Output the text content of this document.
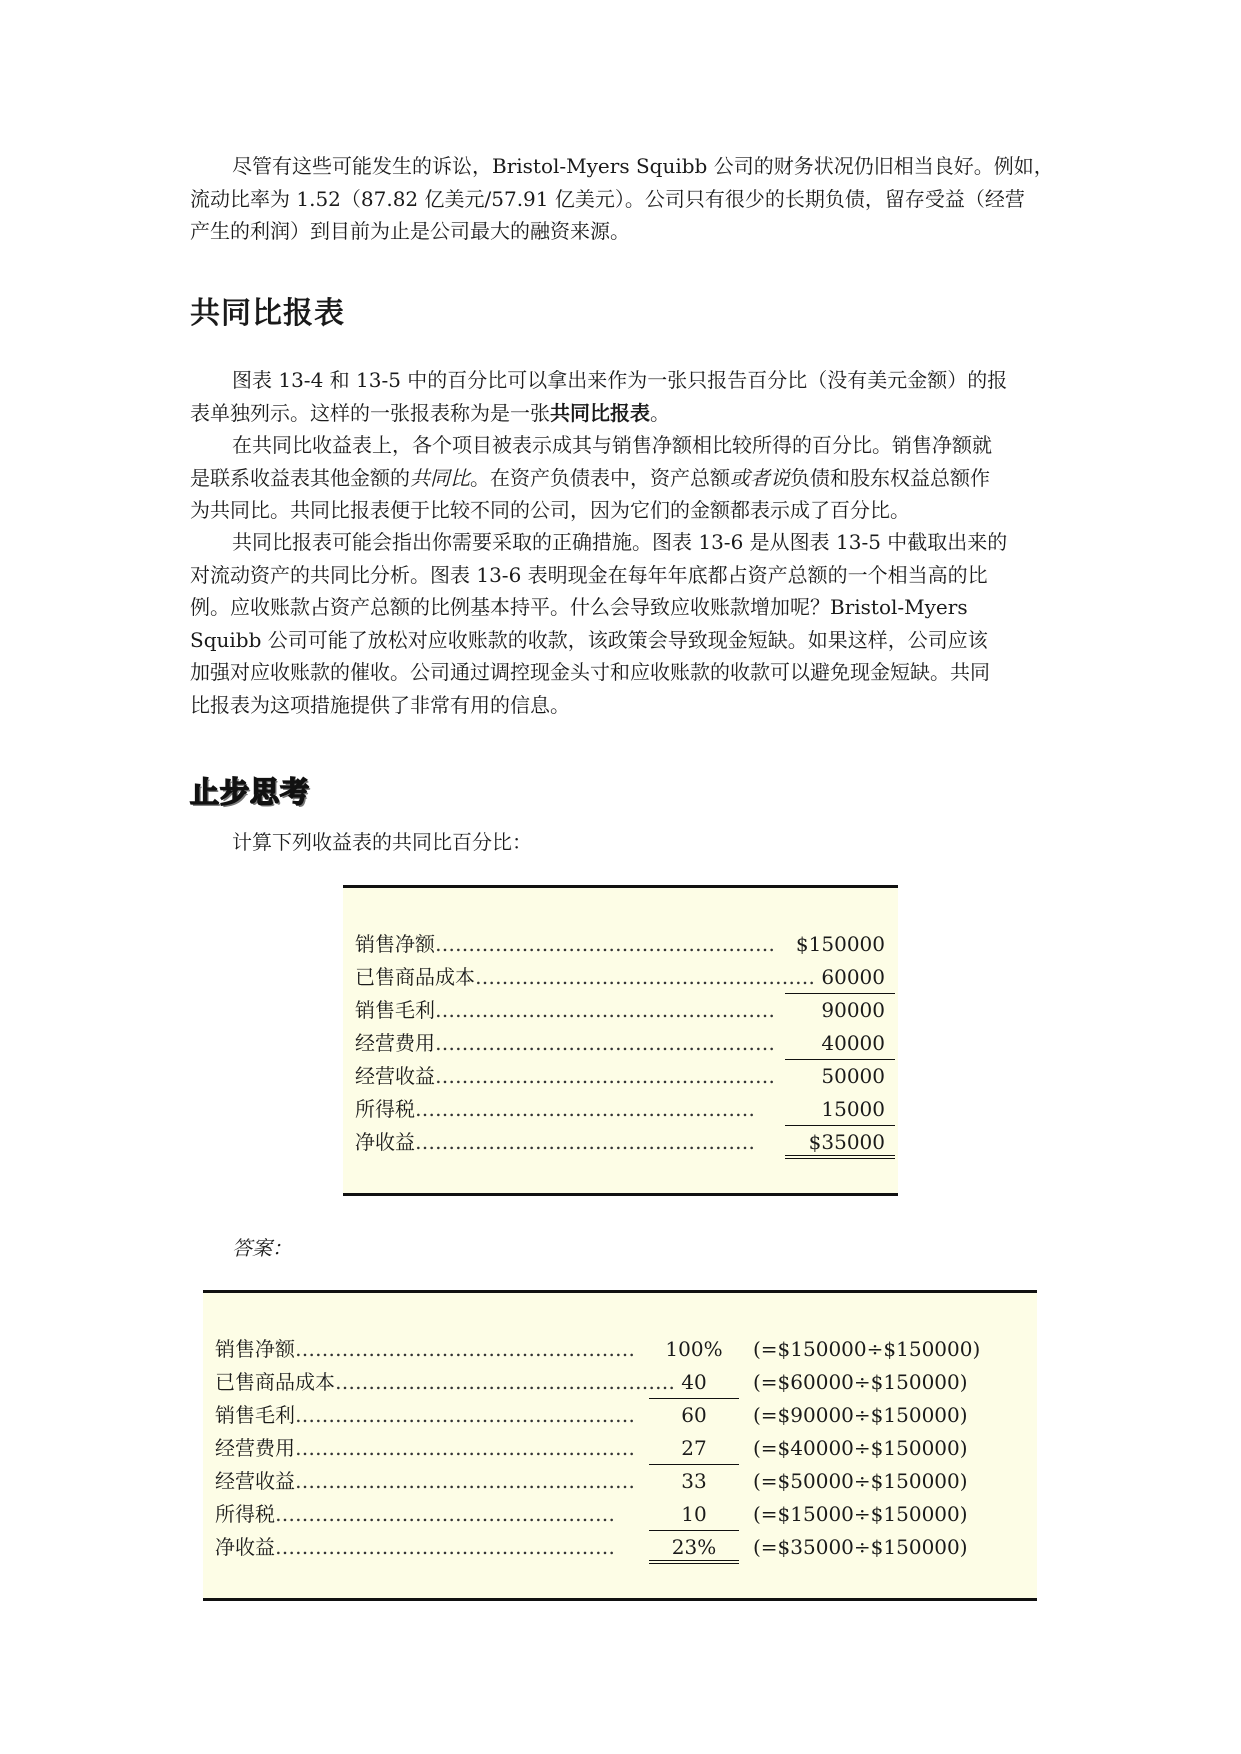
尽管有这些可能发生的诉讼，Bristol-Myers Squibb 公司的财务状况仍旧相当良好。例如，
流动比率为 1.52（87.82 亿美元/57.91 亿美元）。公司只有很少的长期负债，留存受益（经营
产生的利润）到目前为止是公司最大的融资来源。

共同比报表

图表 13-4 和 13-5 中的百分比可以拿出来作为一张只报告百分比（没有美元金额）的报
表单独列示。这样的一张报表称为是一张共同比报表。

在共同比收益表上，各个项目被表示成其与销售净额相比较所得的百分比。销售净额就
是联系收益表其他金额的共同比。在资产负债表中，资产总额或者说负债和股东权益总额作
为共同比。共同比报表便于比较不同的公司，因为它们的金额都表示成了百分比。

共同比报表可能会指出你需要采取的正确措施。图表 13-6 是从图表 13-5 中截取出来的
对流动资产的共同比分析。图表 13-6 表明现金在每年年底都占资产总额的一个相当高的比
例。应收账款占资产总额的比例基本持平。什么会导致应收账款增加呢？Bristol-Myers
Squibb 公司可能了放松对应收账款的收款，该政策会导致现金短缺。如果这样，公司应该
加强对应收账款的催收。公司通过调控现金头寸和应收账款的收款可以避免现金短缺。共同
比报表为这项措施提供了非常有用的信息。

止步思考

计算下列收益表的共同比百分比：

销售净额……………………………………………	$150000
已售商品成本…………………………………………… 60000
销售毛利……………………………………………	90000
经营费用……………………………………………	40000
经营收益……………………………………………	50000
所得税……………………………………………	15000
净收益……………………………………………	$35000

答案：

销售净额……………………………………………	100%	(=$150000÷$150000)
已售商品成本…………………………………………… 40	(=$60000÷$150000)
销售毛利……………………………………………	60	(=$90000÷$150000)
经营费用……………………………………………	27	(=$40000÷$150000)
经营收益……………………………………………	33	(=$50000÷$150000)
所得税……………………………………………	10	(=$15000÷$150000)
净收益……………………………………………	23%	(=$35000÷$150000)
